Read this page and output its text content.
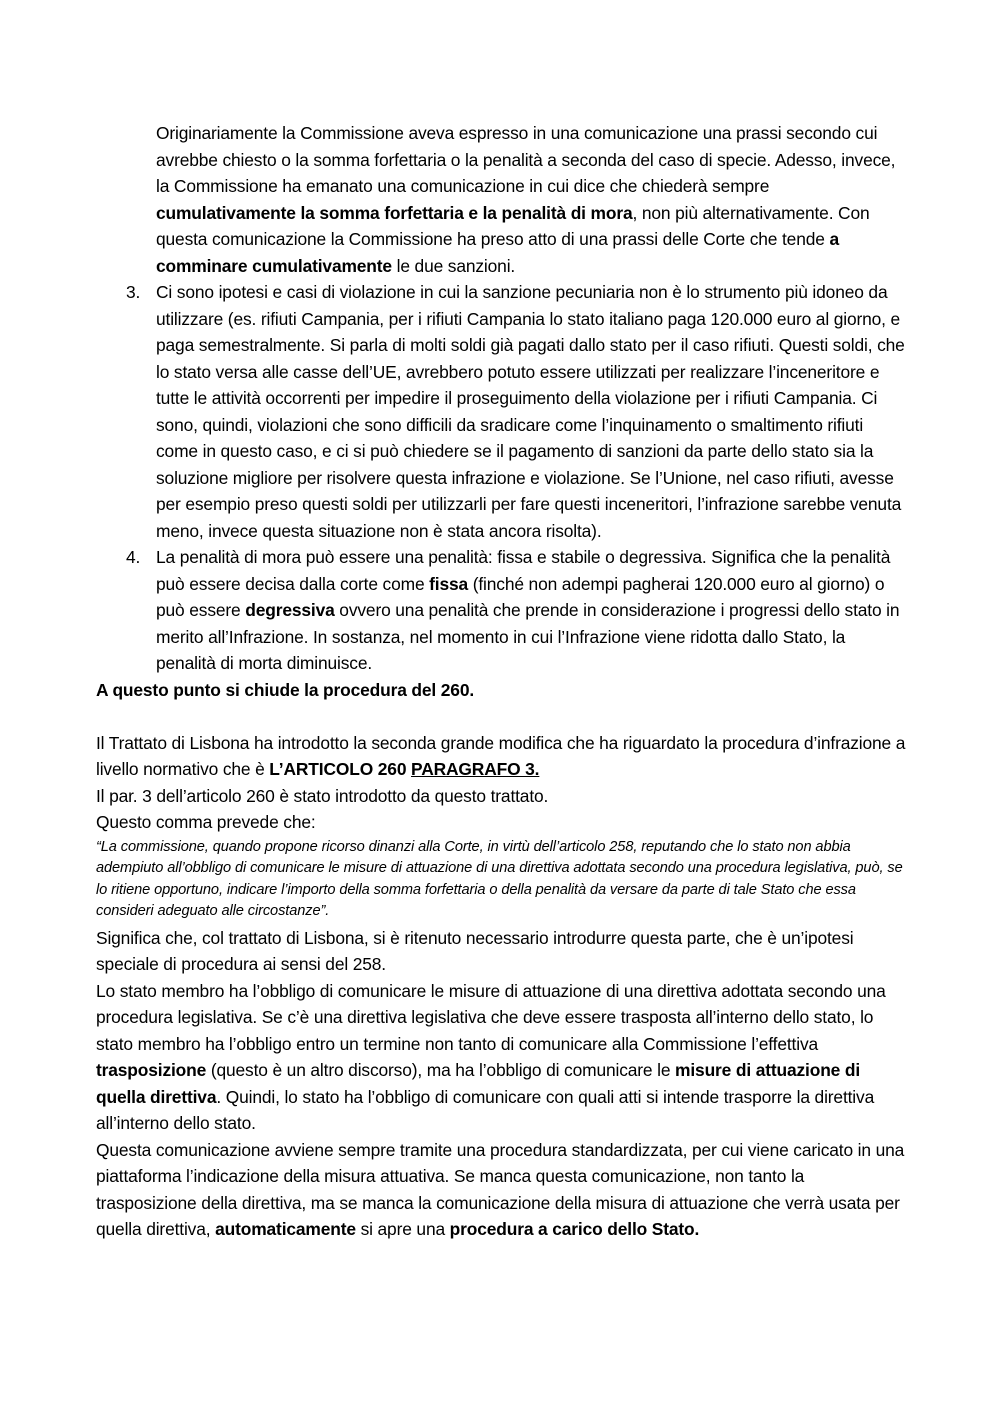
Originariamente la Commissione aveva espresso in una comunicazione una prassi secondo cui avrebbe chiesto o la somma forfettaria o la penalità a seconda del caso di specie. Adesso, invece, la Commissione ha emanato una comunicazione in cui dice che chiederà sempre cumulativamente la somma forfettaria e la penalità di mora, non più alternativamente. Con questa comunicazione la Commissione ha preso atto di una prassi delle Corte che tende a comminare cumulativamente le due sanzioni.

3. Ci sono ipotesi e casi di violazione in cui la sanzione pecuniaria non è lo strumento più idoneo da utilizzare (es. rifiuti Campania, per i rifiuti Campania lo stato italiano paga 120.000 euro al giorno, e paga semestralmente. Si parla di molti soldi già pagati dallo stato per il caso rifiuti. Questi soldi, che lo stato versa alle casse dell’UE, avrebbero potuto essere utilizzati per realizzare l’inceneritore e tutte le attività occorrenti per impedire il proseguimento della violazione per i rifiuti Campania. Ci sono, quindi, violazioni che sono difficili da sradicare come l’inquinamento o smaltimento rifiuti come in questo caso, e ci si può chiedere se il pagamento di sanzioni da parte dello stato sia la soluzione migliore per risolvere questa infrazione e violazione. Se l’Unione, nel caso rifiuti, avesse per esempio preso questi soldi per utilizzarli per fare questi inceneritori, l’infrazione sarebbe venuta meno, invece questa situazione non è stata ancora risolta).

4. La penalità di mora può essere una penalità: fissa e stabile o degressiva. Significa che la penalità può essere decisa dalla corte come fissa (finché non adempi pagherai 120.000 euro al giorno) o può essere degressiva ovvero una penalità che prende in considerazione i progressi dello stato in merito all’Infrazione. In sostanza, nel momento in cui l’Infrazione viene ridotta dallo Stato, la penalità di morta diminuisce.

A questo punto si chiude la procedura del 260.

Il Trattato di Lisbona ha introdotto la seconda grande modifica che ha riguardato la procedura d’infrazione a livello normativo che è L’ARTICOLO 260 PARAGRAFO 3.

Il par. 3 dell’articolo 260 è stato introdotto da questo trattato.

Questo comma prevede che:

“La commissione, quando propone ricorso dinanzi alla Corte, in virtù dell’articolo 258, reputando che lo stato non abbia adempiuto all’obbligo di comunicare le misure di attuazione di una direttiva adottata secondo una procedura legislativa, può, se lo ritiene opportuno, indicare l’importo della somma forfettaria o della penalità da versare da parte di tale Stato che essa consideri adeguato alle circostanze”.

Significa che, col trattato di Lisbona, si è ritenuto necessario introdurre questa parte, che è un’ipotesi speciale di procedura ai sensi del 258.

Lo stato membro ha l’obbligo di comunicare le misure di attuazione di una direttiva adottata secondo una procedura legislativa. Se c’è una direttiva legislativa che deve essere trasposta all’interno dello stato, lo stato membro ha l’obbligo entro un termine non tanto di comunicare alla Commissione l’effettiva trasposizione (questo è un altro discorso), ma ha l’obbligo di comunicare le misure di attuazione di quella direttiva. Quindi, lo stato ha l’obbligo di comunicare con quali atti si intende trasporre la direttiva all’interno dello stato.

Questa comunicazione avviene sempre tramite una procedura standardizzata, per cui viene caricato in una piattaforma l’indicazione della misura attuativa. Se manca questa comunicazione, non tanto la trasposizione della direttiva, ma se manca la comunicazione della misura di attuazione che verrà usata per quella direttiva, automaticamente si apre una procedura a carico dello Stato.
